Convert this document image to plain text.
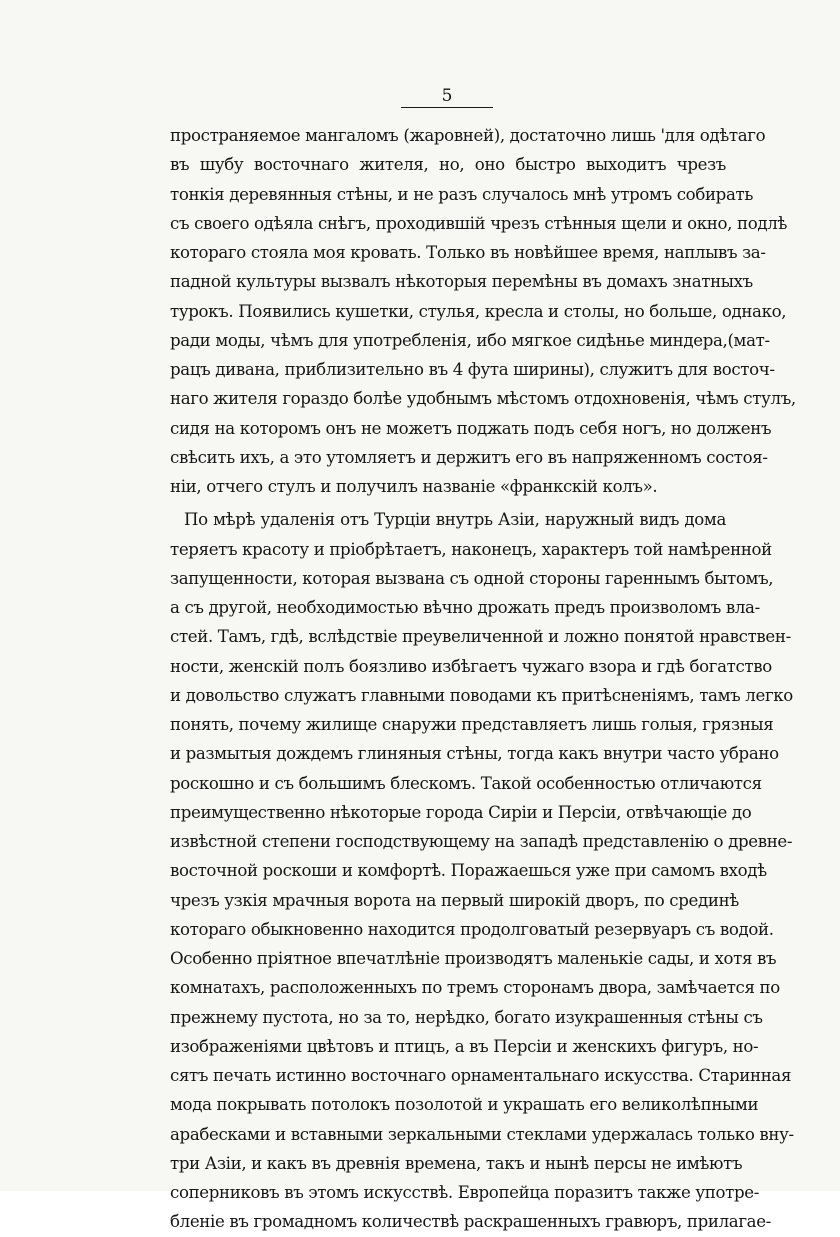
5
пространяемое мангаломъ (жаровней), достаточно лишь 'для одѣтаго
въ шубу восточнаго жителя, но, оно быстро выходитъ чрезъ
тонкія деревянныя стѣны, и не разъ случалось мнѣ утромъ собирать
съ своего одѣяла снѣгъ, проходившій чрезъ стѣнныя щели и окно, подлѣ
котораго стояла моя кровать. Только въ новѣйшее время, наплывъ за-
падной культуры вызвалъ нѣкоторыя перемѣны въ домахъ знатныхъ
турокъ. Появились кушетки, стулья, кресла и столы, но больше, однако,
ради моды, чѣмъ для употребленія, ибо мягкое сидѣнье миндера,(мат-
рацъ дивана, приблизительно въ 4 фута ширины), служитъ для восточ-
наго жителя гораздо болѣе удобнымъ мѣстомъ отдохновенія, чѣмъ стулъ,
сидя на которомъ онъ не можетъ поджать подъ себя ногъ, но долженъ
свѣсить ихъ, а это утомляетъ и держитъ его въ напряженномъ состоя-
ніи, отчего стулъ и получилъ названіе «франкскій колъ».
По мѣрѣ удаленія отъ Турціи внутрь Азіи, наружный видъ дома
теряетъ красоту и пріобрѣтаетъ, наконецъ, характеръ той намѣренной
запущенности, которая вызвана съ одной стороны гареннымъ бытомъ,
а съ другой, необходимостью вѣчно дрожать предъ произволомъ вла-
стей. Тамъ, гдѣ, вслѣдствіе преувеличенной и ложно понятой нравствен-
ности, женскій полъ боязливо избѣгаетъ чужаго взора и гдѣ богатство
и довольство служатъ главными поводами къ притѣсненіямъ, тамъ легко
понять, почему жилище снаружи представляетъ лишь голыя, грязныя
и размытыя дождемъ глиняныя стѣны, тогда какъ внутри часто убрано
роскошно и съ большимъ блескомъ. Такой особенностью отличаются
преимущественно нѣкоторые города Сиріи и Персіи, отвѣчающіе до
извѣстной степени господствующему на западѣ представленію о древне-
восточной роскоши и комфортѣ. Поражаешься уже при самомъ входѣ
чрезъ узкія мрачныя ворота на первый широкій дворъ, по срединѣ
котораго обыкновенно находится продолговатый резервуаръ съ водой.
Особенно пріятное впечатлѣніе производятъ маленькіе сады, и хотя въ
комнатахъ, расположенныхъ по тремъ сторонамъ двора, замѣчается по
прежнему пустота, но за то, нерѣдко, богато изукрашенныя стѣны съ
изображеніями цвѣтовъ и птицъ, а въ Персіи и женскихъ фигуръ, но-
сятъ печать истинно восточнаго орнаментальнаго искусства. Старинная
мода покрывать потолокъ позолотой и украшать его великолѣпными
арабесками и вставными зеркальными стеклами удержалась только вну-
три Азіи, и какъ въ древнія времена, такъ и нынѣ персы не имѣютъ
соперниковъ въ этомъ искусствѣ. Европейца поразитъ также употре-
бленіе въ громадномъ количествѣ раскрашенныхъ гравюръ, прилагае-
